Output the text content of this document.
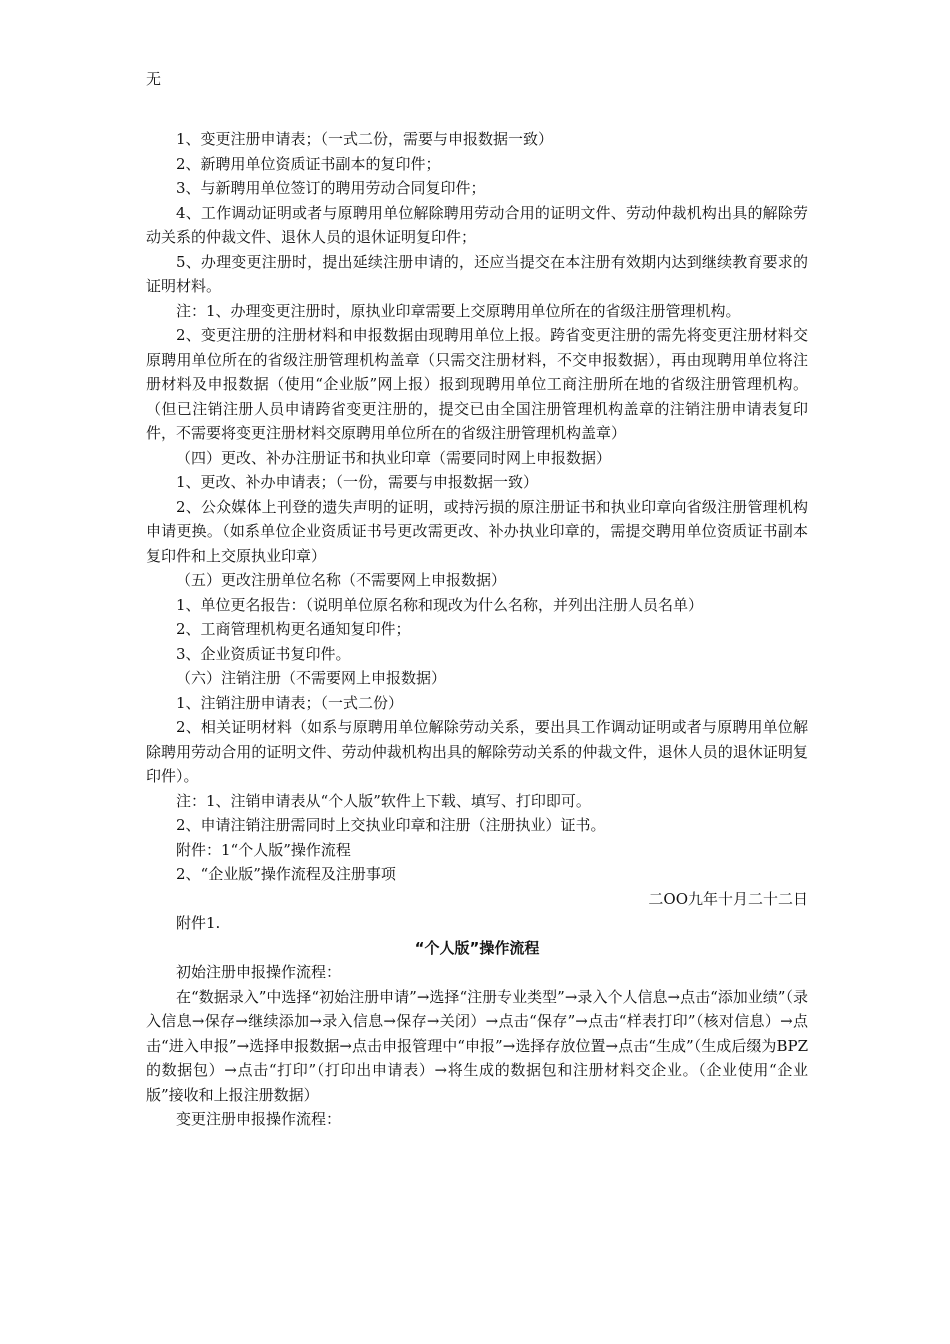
无

1、变更注册申请表；（一式二份，需要与申报数据一致）

2、新聘用单位资质证书副本的复印件；

3、与新聘用单位签订的聘用劳动合同复印件；

4、工作调动证明或者与原聘用单位解除聘用劳动合用的证明文件、劳动仲裁机构出具的解除劳动关系的仲裁文件、退休人员的退休证明复印件；

5、办理变更注册时，提出延续注册申请的，还应当提交在本注册有效期内达到继续教育要求的证明材料。

注：1、办理变更注册时，原执业印章需要上交原聘用单位所在的省级注册管理机构。

2、变更注册的注册材料和申报数据由现聘用单位上报。跨省变更注册的需先将变更注册材料交原聘用单位所在的省级注册管理机构盖章（只需交注册材料，不交申报数据），再由现聘用单位将注册材料及申报数据（使用“企业版”网上报）报到现聘用单位工商注册所在地的省级注册管理机构。（但已注销注册人员申请跨省变更注册的，提交已由全国注册管理机构盖章的注销注册申请表复印件，不需要将变更注册材料交原聘用单位所在的省级注册管理机构盖章）

（四）更改、补办注册证书和执业印章（需要同时网上申报数据）

1、更改、补办申请表；（一份，需要与申报数据一致）

2、公众媒体上刊登的遗失声明的证明，或持污损的原注册证书和执业印章向省级注册管理机构申请更换。（如系单位企业资质证书号更改需更改、补办执业印章的，需提交聘用单位资质证书副本复印件和上交原执业印章）

（五）更改注册单位名称（不需要网上申报数据）

1、单位更名报告：（说明单位原名称和现改为什么名称，并列出注册人员名单）

2、工商管理机构更名通知复印件；

3、企业资质证书复印件。

（六）注销注册（不需要网上申报数据）

1、注销注册申请表；（一式二份）

2、相关证明材料（如系与原聘用单位解除劳动关系，要出具工作调动证明或者与原聘用单位解除聘用劳动合用的证明文件、劳动仲裁机构出具的解除劳动关系的仲裁文件，退休人员的退休证明复印件）。

注：1、注销申请表从“个人版”软件上下载、填写、打印即可。

2、申请注销注册需同时上交执业印章和注册（注册执业）证书。

附件：1“个人版”操作流程

2、“企业版”操作流程及注册事项

二OO九年十月二十二日

附件1.

“个人版”操作流程

初始注册申报操作流程：

在“数据录入”中选择“初始注册申请”→选择“注册专业类型”→录入个人信息→点击“添加业绩”（录入信息→保存→继续添加→录入信息→保存→关闭）→点击“保存”→点击“样表打印”（核对信息）→点击“进入申报”→选择申报数据→点击申报管理中“申报”→选择存放位置→点击“生成”（生成后缀为BPZ的数据包）→点击“打印”（打印出申请表）→将生成的数据包和注册材料交企业。（企业使用“企业版”接收和上报注册数据）

变更注册申报操作流程：
